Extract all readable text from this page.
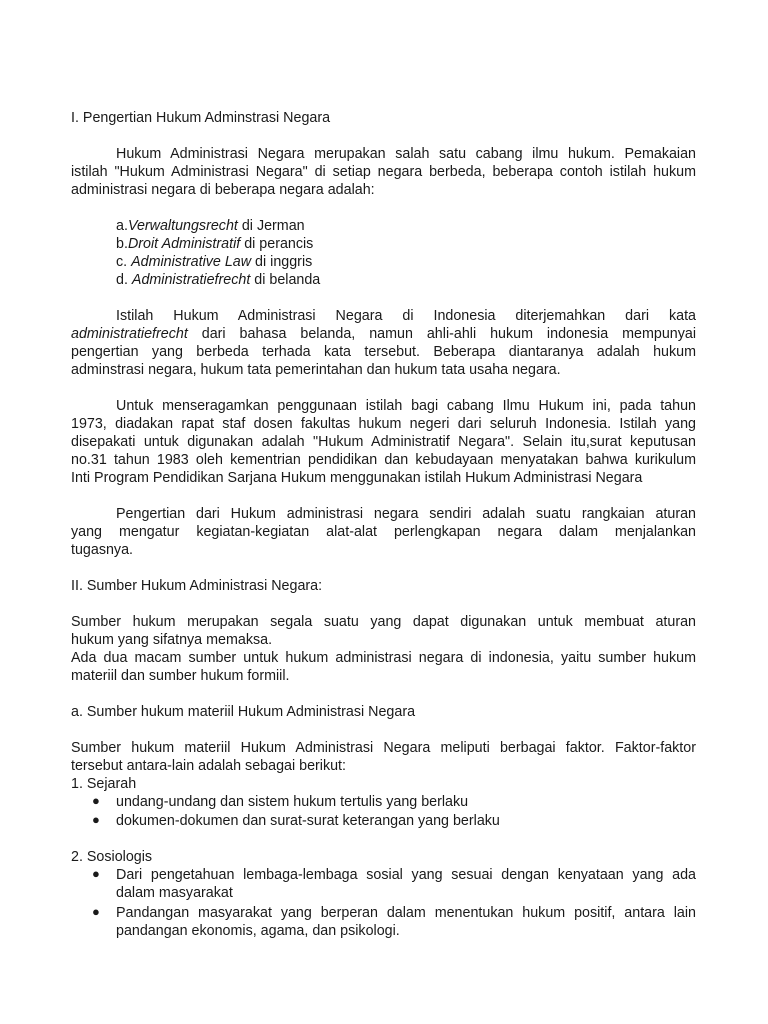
I. Pengertian Hukum Adminstrasi Negara
Hukum Administrasi Negara merupakan salah satu cabang ilmu hukum. Pemakaian
istilah "Hukum Administrasi Negara" di setiap negara berbeda, beberapa contoh istilah hukum
administrasi negara di beberapa negara adalah:
a.Verwaltungsrecht di Jerman
b.Droit Administratif di perancis
c. Administrative Law di inggris
d. Administratiefrecht di belanda
Istilah Hukum Administrasi Negara di Indonesia diterjemahkan dari kata
administratiefrecht dari bahasa belanda, namun ahli-ahli hukum indonesia mempunyai
pengertian yang berbeda terhada kata tersebut. Beberapa diantaranya adalah hukum
adminstrasi negara, hukum tata pemerintahan dan hukum tata usaha negara.
Untuk menseragamkan penggunaan istilah bagi cabang Ilmu Hukum ini, pada tahun
1973, diadakan rapat staf dosen fakultas hukum negeri dari seluruh Indonesia. Istilah yang
disepakati untuk digunakan adalah "Hukum Administratif Negara". Selain itu,surat keputusan
no.31 tahun 1983 oleh kementrian pendidikan dan kebudayaan menyatakan bahwa kurikulum
Inti Program Pendidikan Sarjana Hukum menggunakan istilah Hukum Administrasi Negara
Pengertian dari Hukum administrasi negara sendiri adalah suatu rangkaian aturan
yang mengatur kegiatan-kegiatan alat-alat perlengkapan negara dalam menjalankan
tugasnya.
II. Sumber Hukum Administrasi Negara:
Sumber hukum merupakan segala suatu yang dapat digunakan untuk membuat aturan
hukum yang sifatnya memaksa.
Ada dua macam sumber untuk hukum administrasi negara di indonesia, yaitu sumber hukum
materiil dan sumber hukum formiil.
a. Sumber hukum materiil Hukum Administrasi Negara
Sumber hukum materiil Hukum Administrasi Negara meliputi berbagai faktor. Faktor-faktor
tersebut antara-lain adalah sebagai berikut:
1. Sejarah
● undang-undang dan sistem hukum tertulis yang berlaku
● dokumen-dokumen dan surat-surat keterangan yang berlaku
2. Sosiologis
● Dari pengetahuan lembaga-lembaga sosial yang sesuai dengan kenyataan yang ada
dalam masyarakat
● Pandangan masyarakat yang berperan dalam menentukan hukum positif, antara lain
pandangan ekonomis, agama, dan psikologi.
